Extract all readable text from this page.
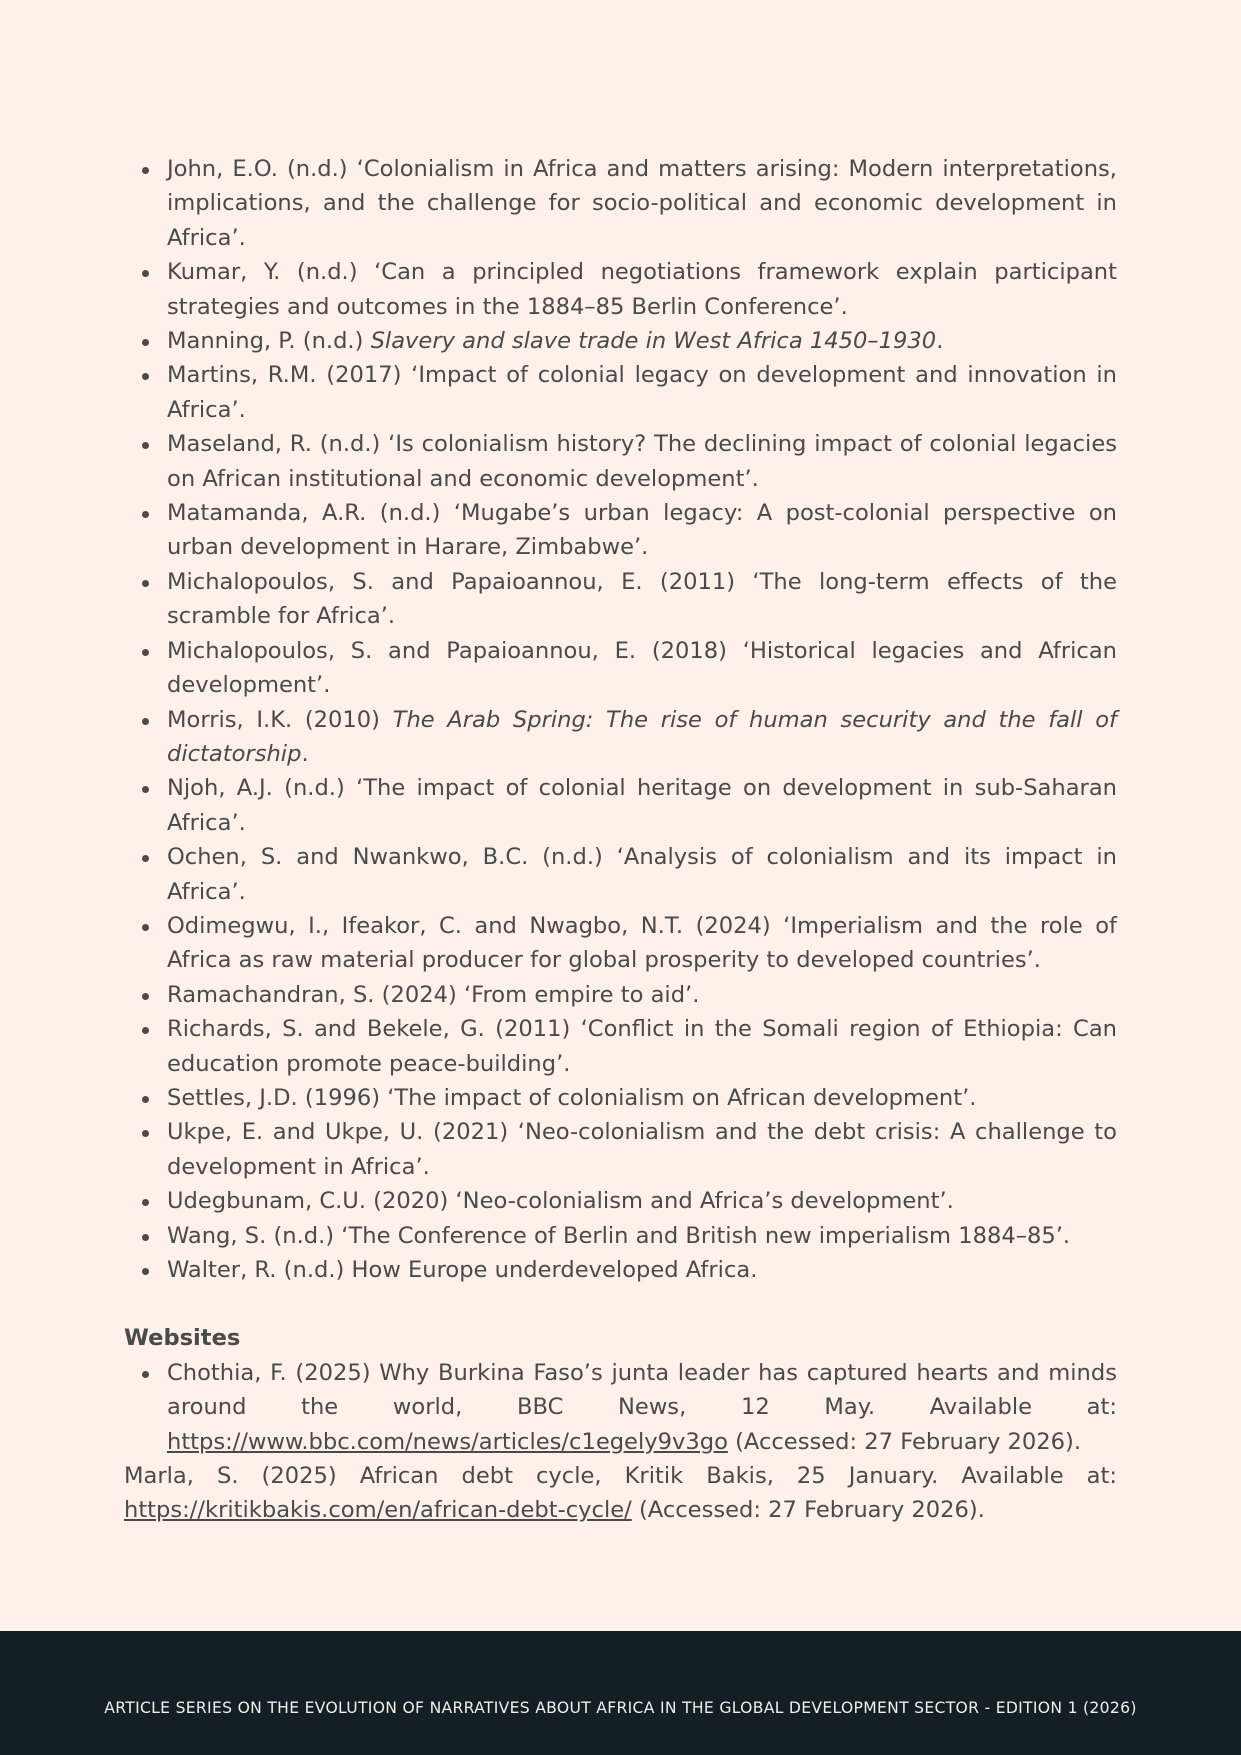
John, E.O. (n.d.) ‘Colonialism in Africa and matters arising: Modern interpretations, implications, and the challenge for socio-political and economic development in Africa’.
Kumar, Y. (n.d.) ‘Can a principled negotiations framework explain participant strategies and outcomes in the 1884–85 Berlin Conference’.
Manning, P. (n.d.) Slavery and slave trade in West Africa 1450–1930.
Martins, R.M. (2017) ‘Impact of colonial legacy on development and innovation in Africa’.
Maseland, R. (n.d.) ‘Is colonialism history? The declining impact of colonial legacies on African institutional and economic development’.
Matamanda, A.R. (n.d.) ‘Mugabe’s urban legacy: A post-colonial perspective on urban development in Harare, Zimbabwe’.
Michalopoulos, S. and Papaioannou, E. (2011) ‘The long-term effects of the scramble for Africa’.
Michalopoulos, S. and Papaioannou, E. (2018) ‘Historical legacies and African development’.
Morris, I.K. (2010) The Arab Spring: The rise of human security and the fall of dictatorship.
Njoh, A.J. (n.d.) ‘The impact of colonial heritage on development in sub-Saharan Africa’.
Ochen, S. and Nwankwo, B.C. (n.d.) ‘Analysis of colonialism and its impact in Africa’.
Odimegwu, I., Ifeakor, C. and Nwagbo, N.T. (2024) ‘Imperialism and the role of Africa as raw material producer for global prosperity to developed countries’.
Ramachandran, S. (2024) ‘From empire to aid’.
Richards, S. and Bekele, G. (2011) ‘Conflict in the Somali region of Ethiopia: Can education promote peace-building’.
Settles, J.D. (1996) ‘The impact of colonialism on African development’.
Ukpe, E. and Ukpe, U. (2021) ‘Neo-colonialism and the debt crisis: A challenge to development in Africa’.
Udegbunam, C.U. (2020) ‘Neo-colonialism and Africa’s development’.
Wang, S. (n.d.) ‘The Conference of Berlin and British new imperialism 1884–85’.
Walter, R. (n.d.) How Europe underdeveloped Africa.
Websites
Chothia, F. (2025) Why Burkina Faso’s junta leader has captured hearts and minds around the world, BBC News, 12 May. Available at: https://www.bbc.com/news/articles/c1egely9v3go (Accessed: 27 February 2026).
Marla, S. (2025) African debt cycle, Kritik Bakis, 25 January. Available at: https://kritikbakis.com/en/african-debt-cycle/ (Accessed: 27 February 2026).
ARTICLE SERIES ON THE EVOLUTION OF NARRATIVES ABOUT AFRICA IN THE GLOBAL DEVELOPMENT SECTOR - EDITION 1 (2026)
